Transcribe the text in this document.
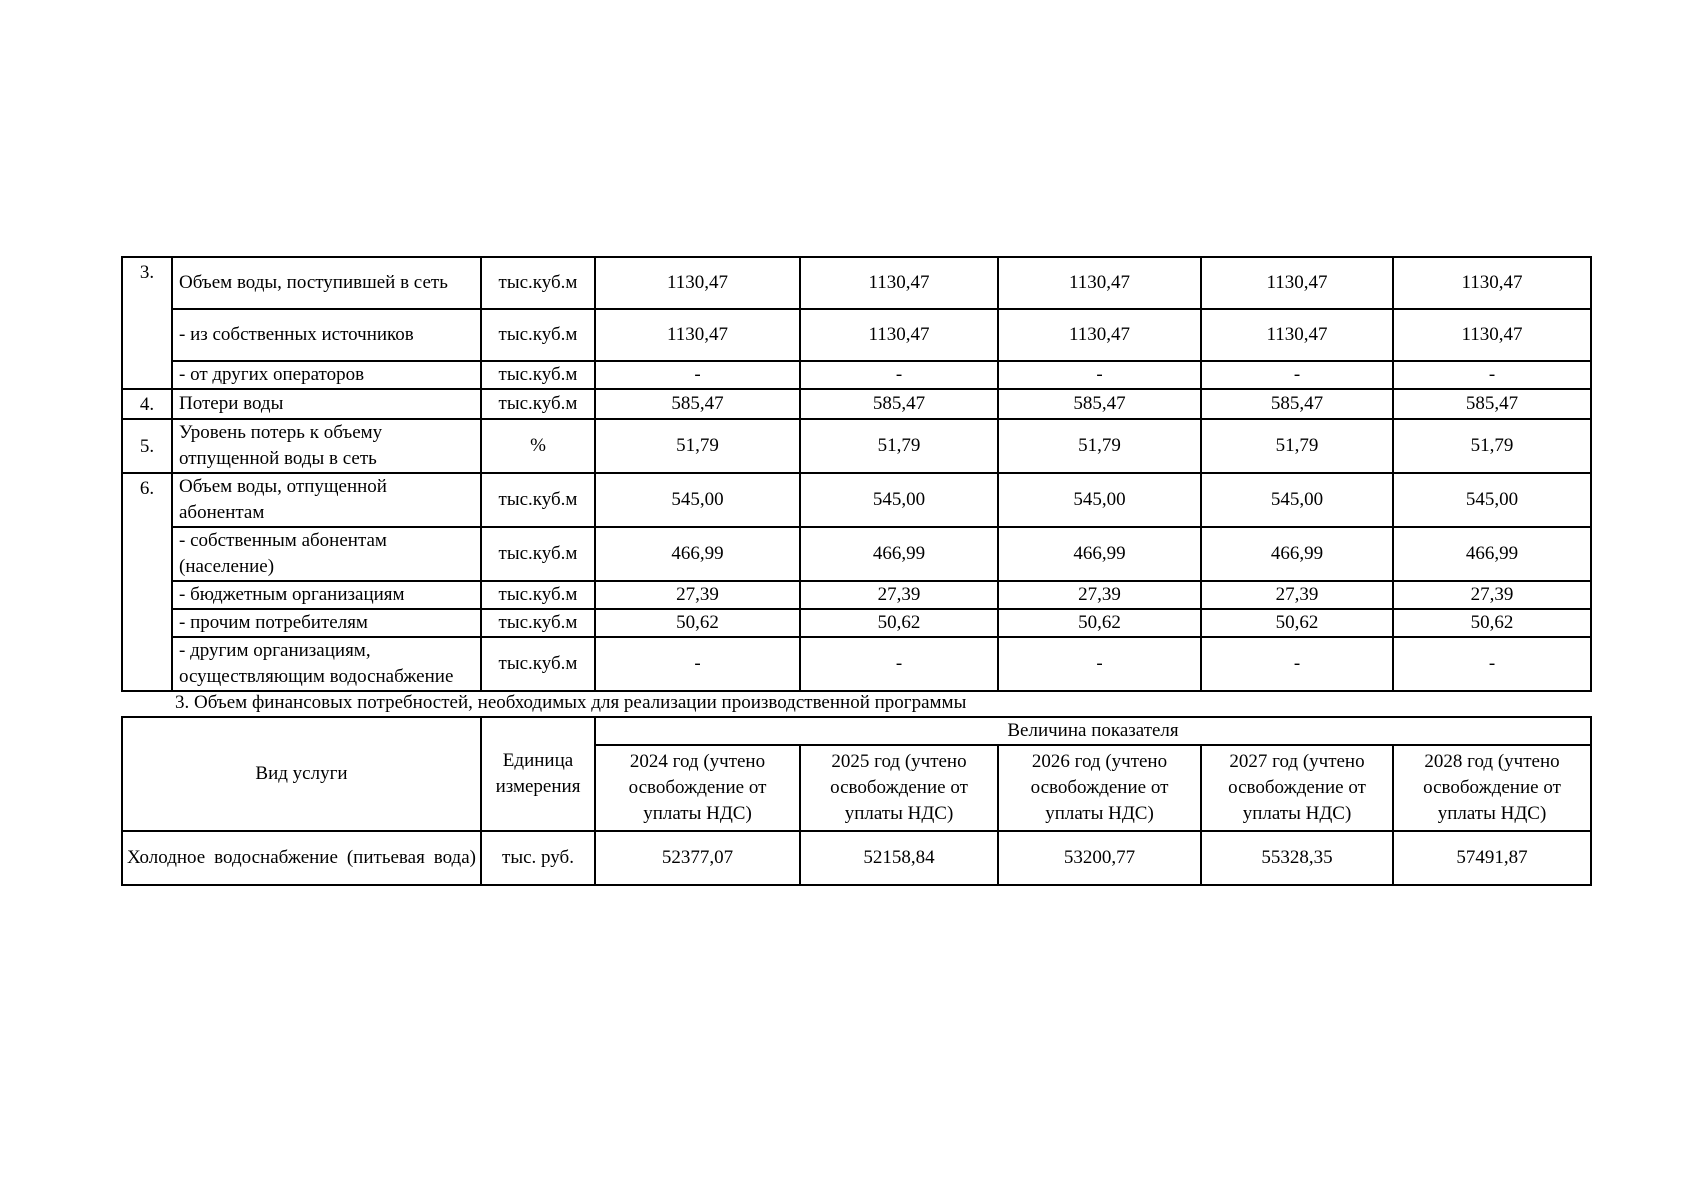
3.	Объем воды, поступившей в сеть	тыс.куб.м	1130,47	1130,47	1130,47	1130,47	1130,47
	- из собственных источников	тыс.куб.м	1130,47	1130,47	1130,47	1130,47	1130,47
	- от других операторов	тыс.куб.м	-	-	-	-	-
4.	Потери воды	тыс.куб.м	585,47	585,47	585,47	585,47	585,47
5.	Уровень потерь к объему отпущенной воды в сеть	%	51,79	51,79	51,79	51,79	51,79
6.	Объем воды, отпущенной абонентам	тыс.куб.м	545,00	545,00	545,00	545,00	545,00
	- собственным абонентам (население)	тыс.куб.м	466,99	466,99	466,99	466,99	466,99
	- бюджетным организациям	тыс.куб.м	27,39	27,39	27,39	27,39	27,39
	- прочим потребителям	тыс.куб.м	50,62	50,62	50,62	50,62	50,62
	- другим организациям, осуществляющим водоснабжение	тыс.куб.м	-	-	-	-	-
3. Объем финансовых потребностей, необходимых для реализации производственной программы
Вид услуги	Единица измерения	Величина показателя				
		2024 год (учтено освобождение от уплаты НДС)	2025 год (учтено освобождение от уплаты НДС)	2026 год (учтено освобождение от уплаты НДС)	2027 год (учтено освобождение от уплаты НДС)	2028 год (учтено освобождение от уплаты НДС)
Холодное водоснабжение (питьевая вода)	тыс. руб.	52377,07	52158,84	53200,77	55328,35	57491,87
